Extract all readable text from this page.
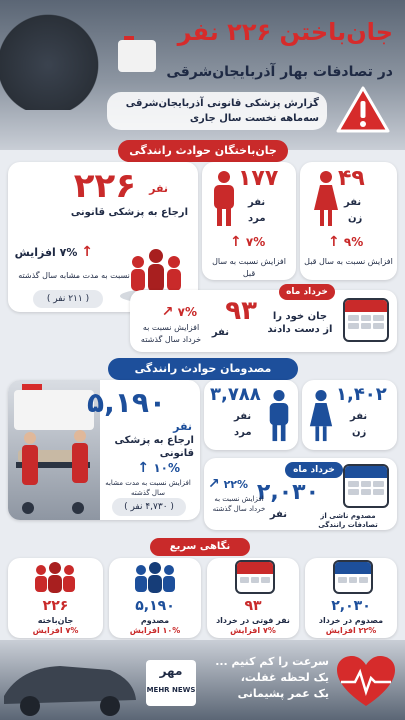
جان‌باختن ۲۲۶ نفر
در تصادفات بهار آذربایجان‌شرقی
گزارش پزشکی قانونی آذربایجان‌شرقی
سه‌ماهه نخست سال جاری
جان‌باختگان حوادث رانندگی
۲۲۶ نفر
ارجاع به پزشکی قانونی
↑ ۷% افزایش
نسبت به مدت مشابه سال گذشته
( ۲۱۱ نفر )
۴۹
نفر
زن
۹% ↑
افزایش نسبت به سال قبل
۱۷۷
نفر
مرد
۷% ↑
افزایش نسبت به سال قبل
خرداد ماه
جان خود را
از دست دادند
۹۳
نفر
۷% ↗
افزایش نسبت به
خرداد سال گذشته
مصدومان حوادث رانندگی
۵,۱۹۰
نفر
ارجاع به پزشکی قانونی
۱۰% ↑
افزایش نسبت به مدت مشابه سال گذشته
( ۴,۷۳۰ نفر )
۱,۴۰۲
نفر
زن
۳,۷۸۸
نفر
مرد
خرداد ماه
مصدوم ناشی از
تصادفات رانندگی
۲,۰۳۰
نفر
۲۲% ↗
افزایش نسبت به
خرداد سال گذشته
نگاهی سریع
۲,۰۳۰
مصدوم در خرداد
۲۲% افزایش
۹۳
نفر فوتی در خرداد
۷% افزایش
۵,۱۹۰
مصدوم
۱۰% افزایش
۲۲۶
جان‌باخته
۷% افزایش
مهر
MEHR NEWS
سرعت را کم کنیم ...
یک لحظه غفلت،
یک عمر پشیمانی
